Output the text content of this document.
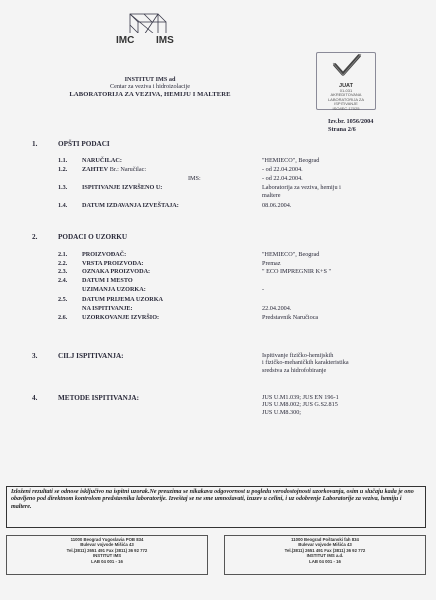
IMC IMS
INSTITUT IMS ad
Centar za veziva i hidroizolacije
LABORATORIJA ZA VEZIVA, HEMIJU I MALTERE
JUAT
01-031
AKREDITOVANA
LABORATORIJA ZA ISPITIVANJE
ISO/IEC 17025
Izv.br. 1056/2004
Strana 2/6
1.	OPŠTI PODACI
1.1. NARUČILAC:	"HEMIECO", Beograd
1.2. ZAHTEV Br.: Naručilac:	- od 22.04.2004.
IMS:	- od 22.04.2004.
1.3. ISPITIVANJE IZVRŠENO U:	Laboratorija za veziva, hemiju i
maltere
1.4. DATUM IZDAVANJA IZVEŠTAJA:	08.06.2004.
2.	PODACI O UZORKU
2.1. PROIZVOĐAČ:	"HEMIECO", Beograd
2.2. VRSTA PROIZVODA:	Premaz
2.3. OZNAKA PROIZVODA:	" ECO IMPREGNIR K+S "
2.4. DATUM I MESTO
UZIMANJA UZORKA:	-
2.5. DATUM PRIJEMA UZORKA
NA ISPITIVANJE:	22.04.2004.
2.6. UZORKOVANJE IZVRŠIO:	Predstavnik Naručioca
3.	CILJ ISPITIVANJA:	Ispitivanje fizičko-hemijskih
i fizičko-mehaničkih karakteristika
sredstva za hidrofobiranje
4.	METODE ISPITIVANJA:	JUS U.M1.039; JUS EN 196-1
JUS U.M8.002; JUS G.S2.815
JUS U.M8.300;
Izloženi rezultati se odnose isključivo na ispitni uzorak.Ne preuzima se nikakava odgovornost u pogledu verodostojnosti uzorkovanja, osim u slučaju kada je ono obavljeno pod direktnom kontrolom predstavnika laboratorije. Izveštaj se ne sme umnožavati, izuzev u celini, i uz odobrenje Laboratorije za veziva, hemiju i maltere.
11000 Beograd Yugoslavia POB 834
Bulevar vojvode Mišića 43
Tel.(3811) 2651 491 Fax (3811) 36 92 772
INSTITUT IMS
LAB 04 001 - 16
11000 Beograd Poštanski fah 834
Bulevar vojvode Mišića 43
Tel.(3811) 2651 491 Fax (3811) 36 92 772
INSTITUT IMS a.d.
LAB 04 001 - 16
